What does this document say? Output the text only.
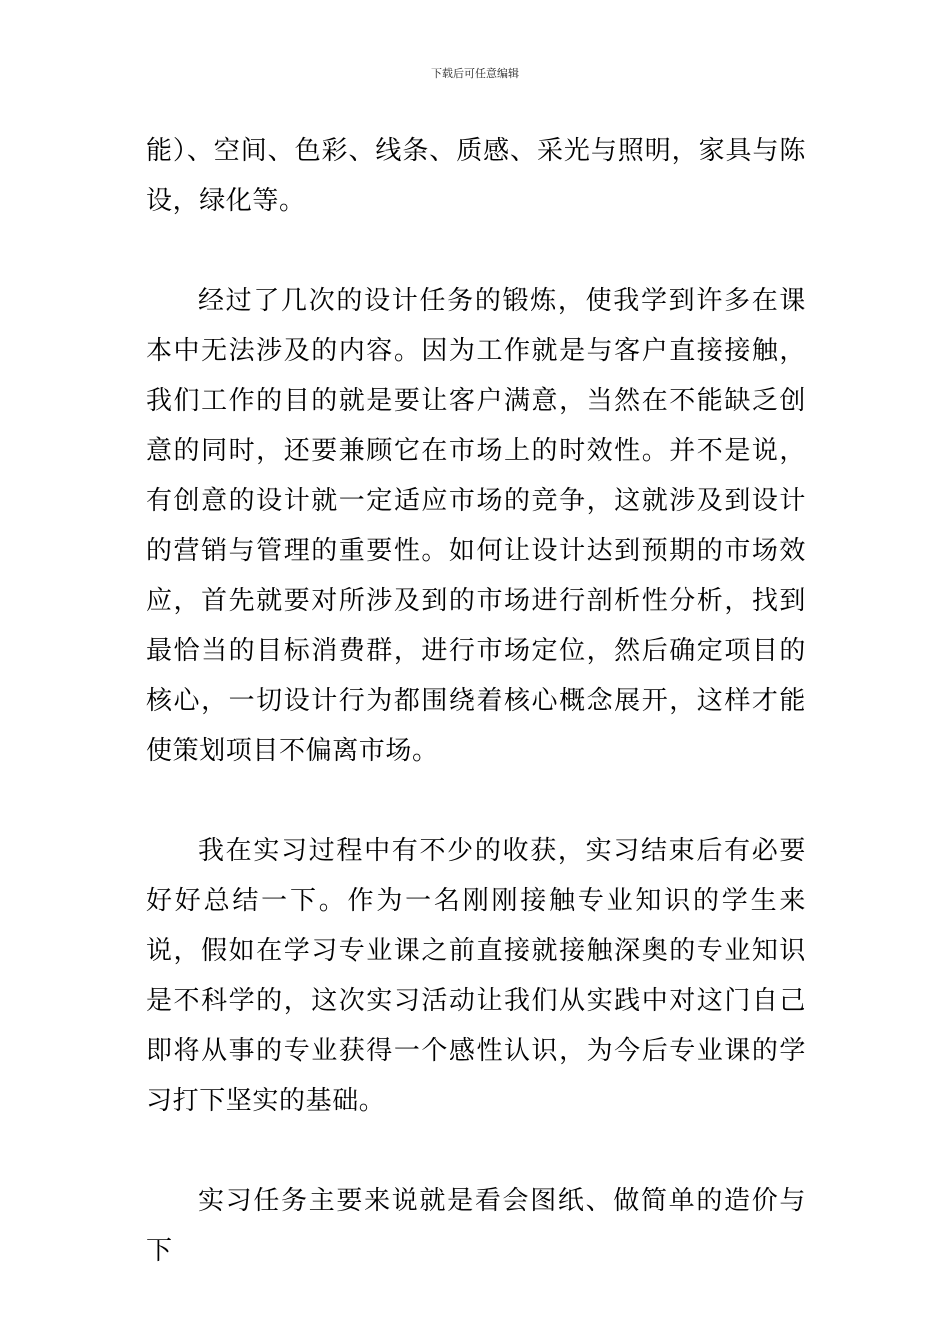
下载后可任意编辑

能）、空间、色彩、线条、质感、采光与照明，家具与陈设，绿化等。

经过了几次的设计任务的锻炼，使我学到许多在课本中无法涉及的内容。因为工作就是与客户直接接触，我们工作的目的就是要让客户满意，当然在不能缺乏创意的同时，还要兼顾它在市场上的时效性。并不是说，有创意的设计就一定适应市场的竞争，这就涉及到设计的营销与管理的重要性。如何让设计达到预期的市场效应，首先就要对所涉及到的市场进行剖析性分析，找到最恰当的目标消费群，进行市场定位，然后确定项目的核心，一切设计行为都围绕着核心概念展开，这样才能使策划项目不偏离市场。

我在实习过程中有不少的收获，实习结束后有必要好好总结一下。作为一名刚刚接触专业知识的学生来说，假如在学习专业课之前直接就接触深奥的专业知识是不科学的，这次实习活动让我们从实践中对这门自己即将从事的专业获得一个感性认识，为今后专业课的学习打下坚实的基础。

实习任务主要来说就是看会图纸、做简单的造价与下
